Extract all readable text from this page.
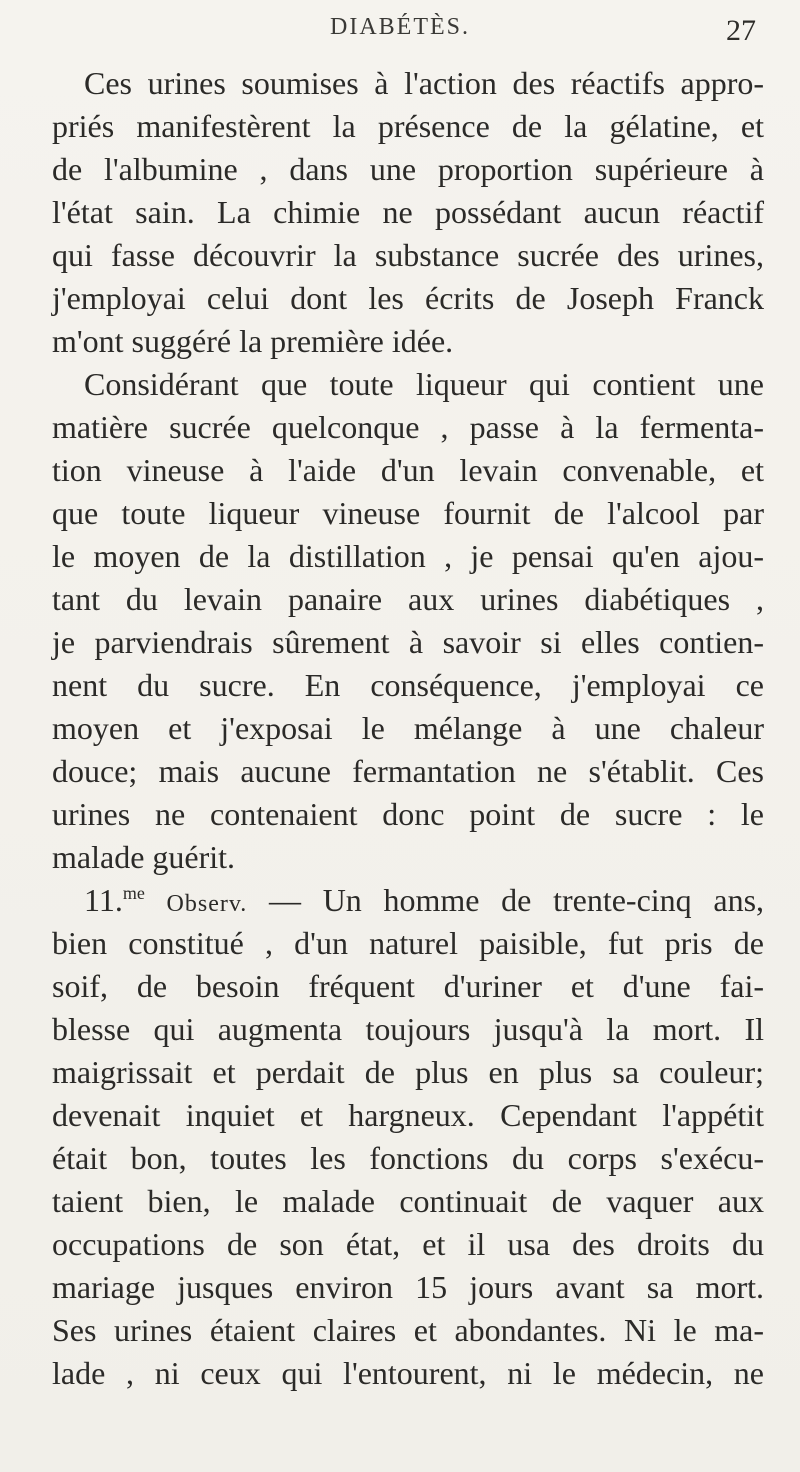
DIABÉTÈS.	27
Ces urines soumises à l'action des réactifs appro-
priés manifestèrent la présence de la gélatine, et
de l'albumine , dans une proportion supérieure à
l'état sain. La chimie ne possédant aucun réactif
qui fasse découvrir la substance sucrée des urines,
j'employai celui dont les écrits de Joseph Franck
m'ont suggéré la première idée.
Considérant que toute liqueur qui contient une
matière sucrée quelconque , passe à la fermenta-
tion vineuse à l'aide d'un levain convenable, et
que toute liqueur vineuse fournit de l'alcool par
le moyen de la distillation , je pensai qu'en ajou-
tant du levain panaire aux urines diabétiques ,
je parviendrais sûrement à savoir si elles contien-
nent du sucre. En conséquence, j'employai ce
moyen et j'exposai le mélange à une chaleur
douce; mais aucune fermantation ne s'établit. Ces
urines ne contenaient donc point de sucre : le
malade guérit.
11.$^{me}$ Observ. — Un homme de trente-cinq ans,
bien constitué , d'un naturel paisible, fut pris de
soif, de besoin fréquent d'uriner et d'une fai-
blesse qui augmenta toujours jusqu'à la mort. Il
maigrissait et perdait de plus en plus sa couleur;
devenait inquiet et hargneux. Cependant l'appétit
était bon, toutes les fonctions du corps s'exécu-
taient bien, le malade continuait de vaquer aux
occupations de son état, et il usa des droits du
mariage jusques environ 15 jours avant sa mort.
Ses urines étaient claires et abondantes. Ni le ma-
lade , ni ceux qui l'entourent, ni le médecin, ne
